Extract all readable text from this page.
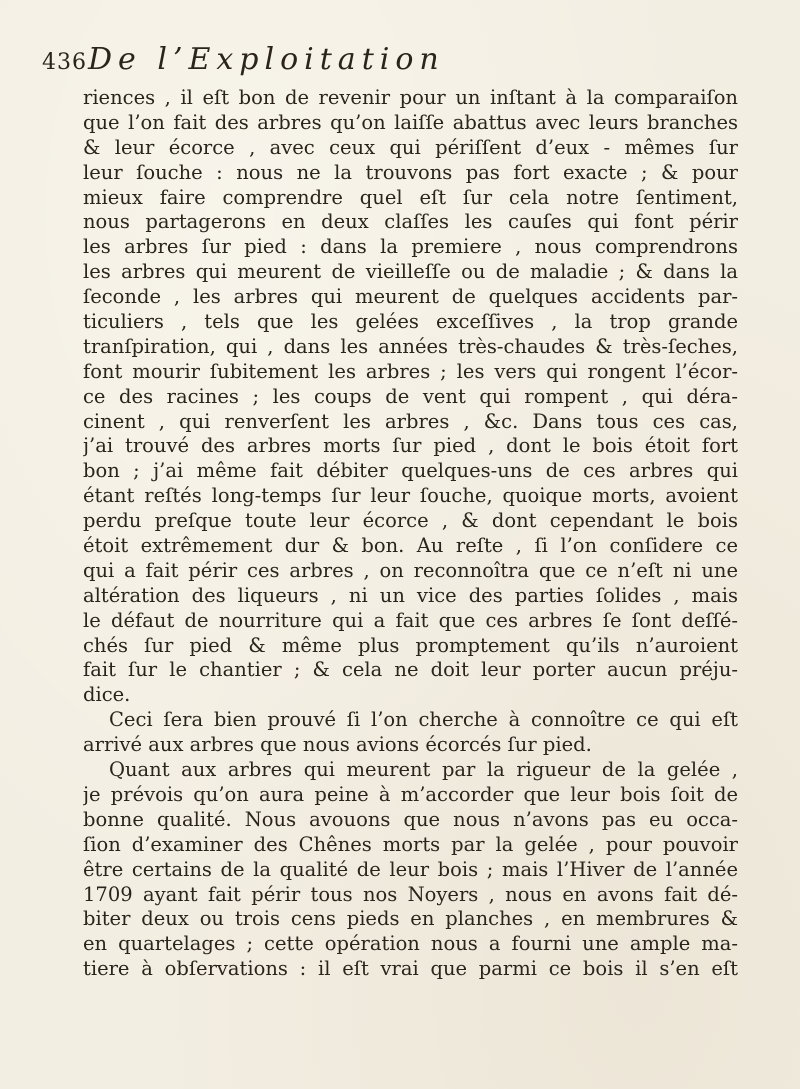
436 De l’Exploitation
riences , il eſt bon de revenir pour un inſtant à la comparaiſon
que l’on fait des arbres qu’on laiſſe abattus avec leurs branches
& leur écorce , avec ceux qui périſſent d’eux - mêmes ſur
leur ſouche : nous ne la trouvons pas fort exacte ; & pour
mieux faire comprendre quel eſt ſur cela notre ſentiment,
nous partagerons en deux claſſes les cauſes qui font périr
les arbres ſur pied : dans la premiere , nous comprendrons
les arbres qui meurent de vieilleſſe ou de maladie ; & dans la
ſeconde , les arbres qui meurent de quelques accidents par-
ticuliers , tels que les gelées exceſſives , la trop grande
tranſpiration, qui , dans les années très-chaudes & très-ſeches,
font mourir ſubitement les arbres ; les vers qui rongent l’écor-
ce des racines ; les coups de vent qui rompent , qui déra-
cinent , qui renverſent les arbres , &c. Dans tous ces cas,
j’ai trouvé des arbres morts ſur pied , dont le bois étoit fort
bon ; j’ai même fait débiter quelques-uns de ces arbres qui
étant reſtés long-temps ſur leur ſouche, quoique morts, avoient
perdu preſque toute leur écorce , & dont cependant le bois
étoit extrêmement dur & bon. Au reſte , ſi l’on conſidere ce
qui a fait périr ces arbres , on reconnoîtra que ce n’eſt ni une
altération des liqueurs , ni un vice des parties ſolides , mais
le défaut de nourriture qui a fait que ces arbres ſe ſont deſſé-
chés ſur pied & même plus promptement qu’ils n’auroient
fait ſur le chantier ; & cela ne doit leur porter aucun préju-
dice.
Ceci ſera bien prouvé ſi l’on cherche à connoître ce qui eſt
arrivé aux arbres que nous avions écorcés ſur pied.
Quant aux arbres qui meurent par la rigueur de la gelée ,
je prévois qu’on aura peine à m’accorder que leur bois ſoit de
bonne qualité. Nous avouons que nous n’avons pas eu occa-
ſion d’examiner des Chênes morts par la gelée , pour pouvoir
être certains de la qualité de leur bois ; mais l’Hiver de l’année
1709 ayant fait périr tous nos Noyers , nous en avons fait dé-
biter deux ou trois cens pieds en planches , en membrures &
en quartelages ; cette opération nous a fourni une ample ma-
tiere à obſervations : il eſt vrai que parmi ce bois il s’en eſt
